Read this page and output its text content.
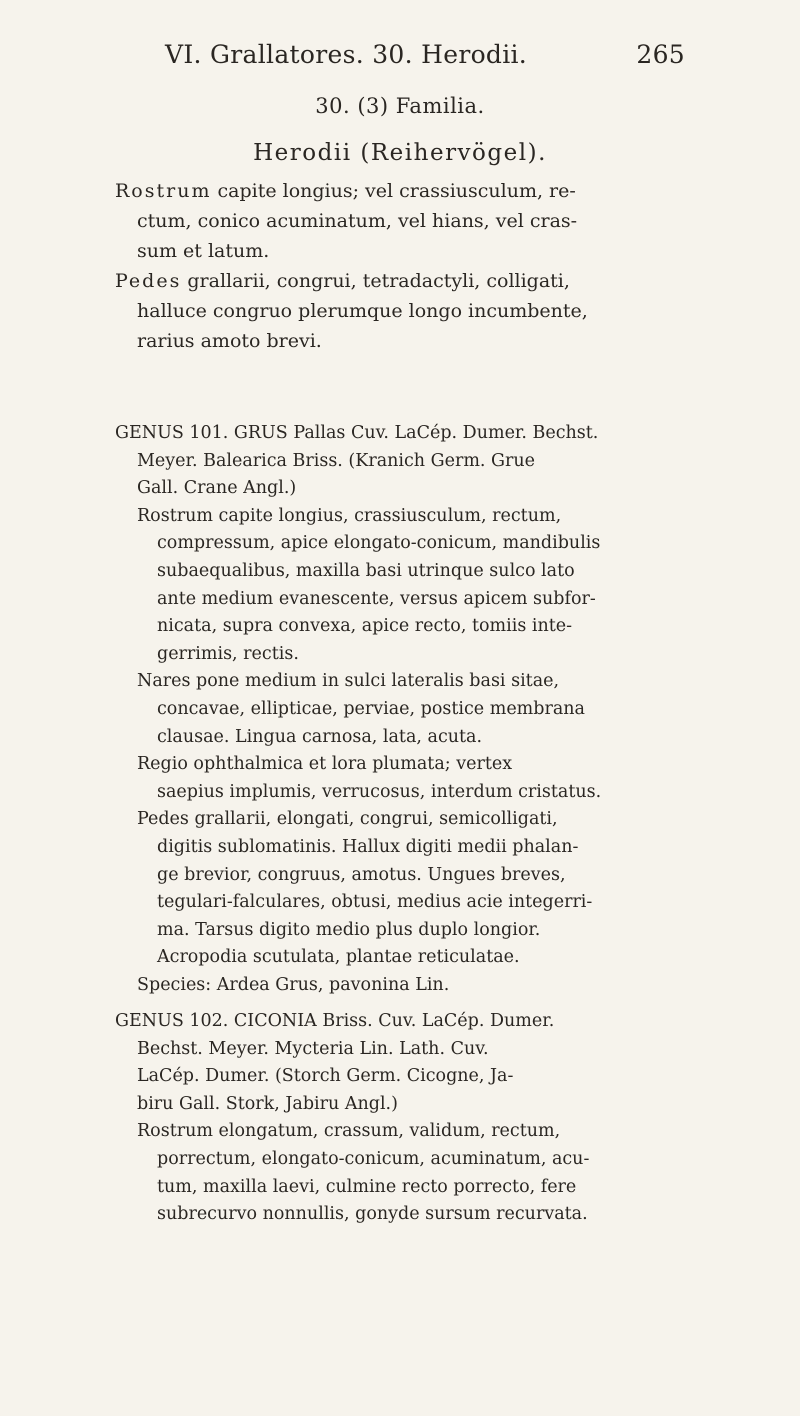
VI. Grallatores. 30. Herodii.	265
30. (3) Familia.
Herodii (Reihervögel).
Rostrum capite longius; vel crassiusculum, re-
ctum, conico acuminatum, vel hians, vel cras-
sum et latum.
Pedes grallarii, congrui, tetradactyli, colligati,
halluce congruo plerumque longo incumbente,
rarius amoto brevi.
GENUS 101. GRUS Pallas Cuv. LaCép. Dumer. Bechst.
Meyer. Balearica Briss. (Kranich Germ. Grue
Gall. Crane Angl.)
Rostrum capite longius, crassiusculum, rectum,
compressum, apice elongato-conicum, mandibulis
subaequalibus, maxilla basi utrinque sulco lato
ante medium evanescente, versus apicem subfor-
nicata, supra convexa, apice recto, tomiis inte-
gerrimis, rectis.
Nares pone medium in sulci lateralis basi sitae,
concavae, ellipticae, perviae, postice membrana
clausae. Lingua carnosa, lata, acuta.
Regio ophthalmica et lora plumata; vertex
saepius implumis, verrucosus, interdum cristatus.
Pedes grallarii, elongati, congrui, semicolligati,
digitis sublomatinis. Hallux digiti medii phalan-
ge brevior, congruus, amotus. Ungues breves,
tegulari-falculares, obtusi, medius acie integerri-
ma. Tarsus digito medio plus duplo longior.
Acropodia scutulata, plantae reticulatae.
Species: Ardea Grus, pavonina Lin.
GENUS 102. CICONIA Briss. Cuv. LaCép. Dumer.
Bechst. Meyer. Mycteria Lin. Lath. Cuv.
LaCép. Dumer. (Storch Germ. Cicogne, Ja-
biru Gall. Stork, Jabiru Angl.)
Rostrum elongatum, crassum, validum, rectum,
porrectum, elongato-conicum, acuminatum, acu-
tum, maxilla laevi, culmine recto porrecto, fere
subrecurvo nonnullis, gonyde sursum recurvata.
